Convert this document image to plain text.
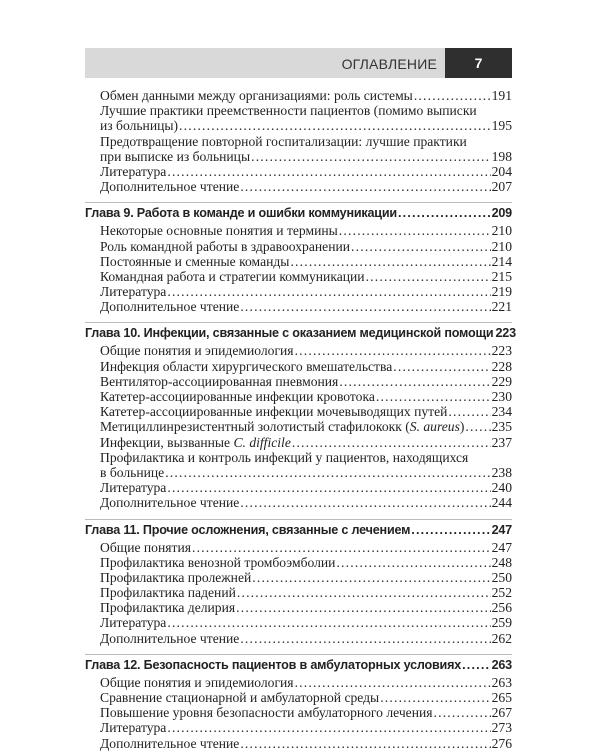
ОГЛАВЛЕНИЕ	7
Обмен данными между организациями: роль системы .....	191
Лучшие практики преемственности пациентов (помимо выписки
из больницы) .....	195
Предотвращение повторной госпитализации: лучшие практики
при выписке из больницы .....	198
Литература .....	204
Дополнительное чтение .....	207
Глава 9. Работа в команде и ошибки коммуникации .....	209
Некоторые основные понятия и термины .....	210
Роль командной работы в здравоохранении .....	210
Постоянные и сменные команды .....	214
Командная работа и стратегии коммуникации .....	215
Литература .....	219
Дополнительное чтение .....	221
Глава 10. Инфекции, связанные с оказанием медицинской помощи 223
Общие понятия и эпидемиология .....	223
Инфекция области хирургического вмешательства .....	228
Вентилятор-ассоциированная пневмония .....	229
Катетер-ассоциированные инфекции кровотока .....	230
Катетер-ассоциированные инфекции мочевыводящих путей .....	234
Метициллинрезистентный золотистый стафилококк (S. aureus) ..... 235
Инфекции, вызванные C. difficile .....	237
Профилактика и контроль инфекций у пациентов, находящихся
в больнице .....	238
Литература .....	240
Дополнительное чтение .....	244
Глава 11. Прочие осложнения, связанные с лечением .....	247
Общие понятия .....	247
Профилактика венозной тромбоэмболии .....	248
Профилактика пролежней .....	250
Профилактика падений .....	252
Профилактика делирия .....	256
Литература .....	259
Дополнительное чтение .....	262
Глава 12. Безопасность пациентов в амбулаторных условиях ..... 263
Общие понятия и эпидемиология .....	263
Сравнение стационарной и амбулаторной среды .....	265
Повышение уровня безопасности амбулаторного лечения .....	267
Литература .....	273
Дополнительное чтение .....	276
